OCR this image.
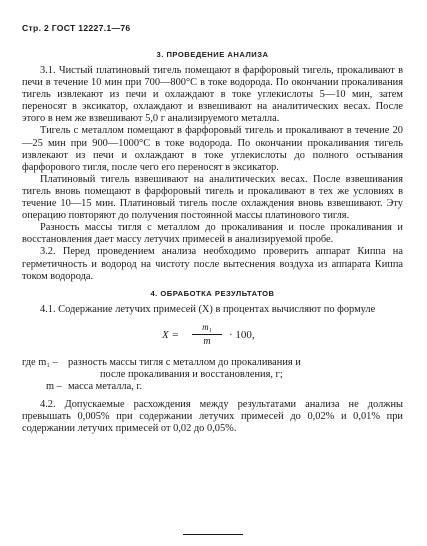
Стр. 2 ГОСТ 12227.1—76
3. ПРОВЕДЕНИЕ АНАЛИЗА

3.1. Чистый платиновый тигель помещают в фарфоровый тигель, прокаливают в печи в течение 10 мин при 700—800°С в токе водорода. По окончании прокаливания тигель извлекают из печи и охлаждают в токе углекислоты 5—10 мин, затем переносят в эксикатор, охлаждают и взвешивают на аналитических весах. После этого в нем же взвешивают 5,0 г анализируемого металла.

Тигель с металлом помещают в фарфоровый тигель и прокаливают в течение 20—25 мин при 900—1000°С в токе водорода. По окончании прокаливания тигель извлекают из печи и охлаждают в токе углекислоты до полного остывания фарфорового тигля, после чего его переносят в эксикатор.

Платиновый тигель взвешивают на аналитических весах. После взвешивания тигель вновь помещают в фарфоровый тигель и прокаливают в тех же условиях в течение 10—15 мин. Платиновый тигель после охлаждения вновь взвешивают. Эту операцию повторяют до получения постоянной массы платинового тигля.

Разность массы тигля с металлом до прокаливания и после прокаливания и восстановления дает массу летучих примесей в анализируемой пробе.

3.2. Перед проведением анализа необходимо проверить аппарат Киппа на герметичность и водород на чистоту после вытеснения воздуха из аппарата Киппа током водорода.

4. ОБРАБОТКА РЕЗУЛЬТАТОВ

4.1. Содержание летучих примесей (X) в процентах вычисляют по формуле

X =
m₁
m
· 100,
где m₁ – разность массы тигля с металлом до прокаливания и
после прокаливания и восстановления, г;
m – масса металла, г.

4.2. Допускаемые расхождения между результатами анализа не должны превышать 0,005% при содержании летучих примесей до 0,02% и 0,01% при содержании летучих примесей от 0,02 до 0,05%.
